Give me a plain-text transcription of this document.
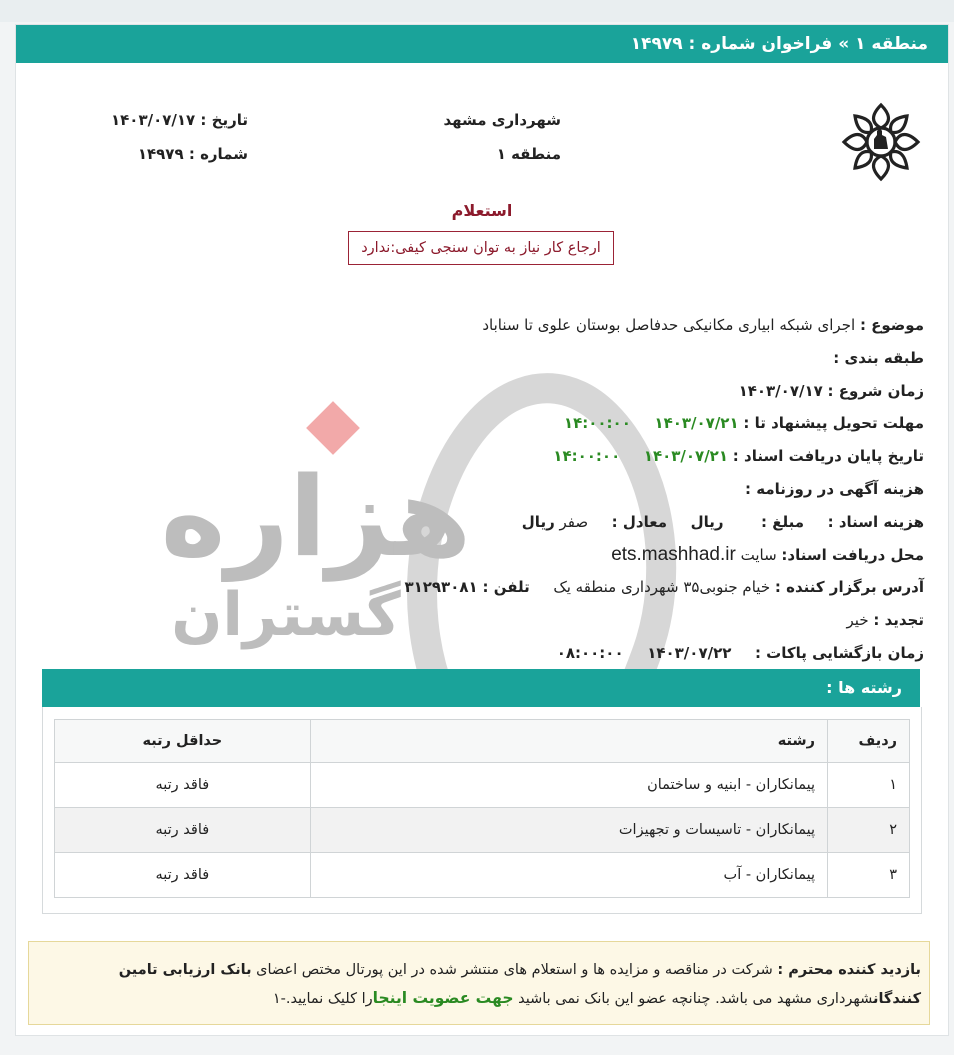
منطقه ۱ » فراخوان شماره : ۱۴۹۷۹
شهرداری مشهد
منطقه ۱
تاریخ : ۱۴۰۳/۰۷/۱۷
شماره : ۱۴۹۷۹
استعلام
ارجاع کار نیاز به توان سنجی کیفی:ندارد
هزاره
گستران
موضوع : اجرای شبکه ابیاری مکانیکی حدفاصل بوستان علوی تا سناباد
طبقه بندی :
زمان شروع : ۱۴۰۳/۰۷/۱۷
مهلت تحویل پیشنهاد تا : ۱۴۰۳/۰۷/۲۱  ۱۴:۰۰:۰۰
تاریخ پایان دریافت اسناد : ۱۴۰۳/۰۷/۲۱  ۱۴:۰۰:۰۰
هزینه آگهی در روزنامه :
هزینه اسناد :  مبلغ :  ریال  معادل :  صفر ریال
محل دریافت اسناد: سایت ets.mashhad.ir
آدرس برگزار کننده : خیام جنوبی۳۵ شهرداری منطقه یک  تلفن : ۳۱۲۹۳۰۸۱
تجدید : خیر
زمان بازگشایی پاکات :  ۱۴۰۳/۰۷/۲۲  ۰۸:۰۰:۰۰
رشته ها :
ردیف	رشته	حداقل رتبه
۱	پیمانکاران - ابنیه و ساختمان	فاقد رتبه
۲	پیمانکاران - تاسیسات و تجهیزات	فاقد رتبه
۳	پیمانکاران - آب	فاقد رتبه
بازدید کننده محترم : شرکت در مناقصه و مزایده ها و استعلام های منتشر شده در این پورتال مختص اعضای بانک ارزیابی تامین کنندگانشهرداری مشهد می باشد. چنانچه عضو این بانک نمی باشید جهت عضویت اینجارا کلیک نمایید.-۱
